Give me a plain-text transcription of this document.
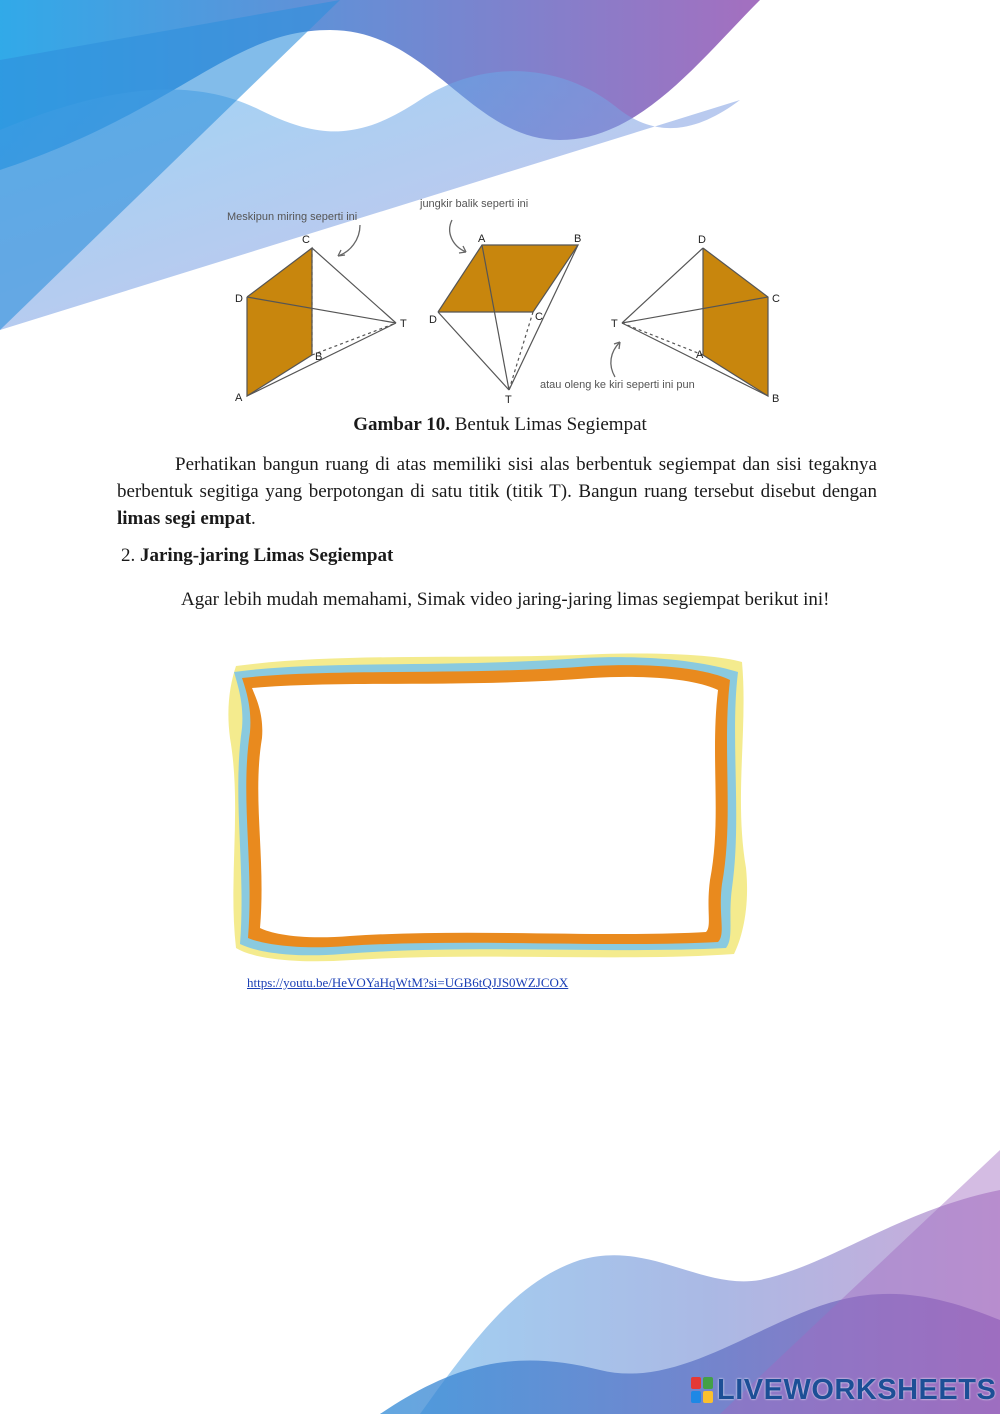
C
D
T
B
A
Meskipun miring seperti ini
A	B
D	C
T
jungkir balik seperti ini
D
C
T
A
B
atau oleng ke kiri seperti ini pun
Gambar 10. Bentuk Limas Segiempat
Perhatikan bangun ruang di atas memiliki sisi alas berbentuk segiempat dan sisi tegaknya berbentuk segitiga yang berpotongan di satu titik (titik T). Bangun ruang tersebut disebut dengan limas segi empat.
2. Jaring-jaring Limas Segiempat
Agar lebih mudah memahami, Simak video jaring-jaring limas segiempat berikut ini!
https://youtu.be/HeVOYaHqWtM?si=UGB6tQJJS0WZJCOX
LIVEWORKSHEETS
